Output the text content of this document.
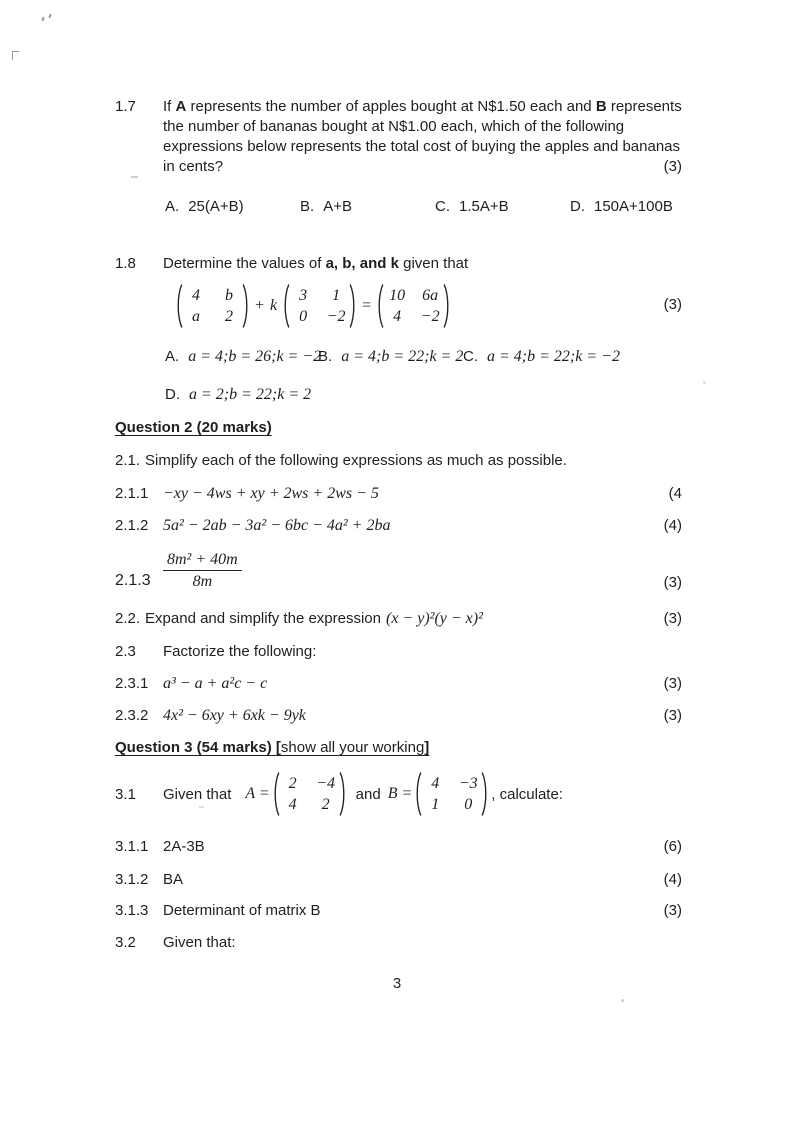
1.7	If A represents the number of apples bought at N$1.50 each and B represents the number of bananas bought at N$1.00 each, which of the following expressions below represents the total cost of buying the apples and bananas in cents?	(3)
A. 25(A+B)	B. A+B	C. 1.5A+B	D. 150A+100B
1.8	Determine the values of a, b, and k given that
4	b
a	2
+ k
3	1
0	−2
=
10 6a
4	−2
(3)
A. a = 4;b = 26;k = −2
B. a = 4;b = 22;k = 2 C. a = 4;b = 22;k = −2
D. a = 2;b = 22;k = 2
Question 2 (20 marks)
2.1. Simplify each of the following expressions as much as possible.
2.1.1 −xy − 4ws + xy + 2ws + 2ws − 5	(4
2.1.2 5a² − 2ab − 3a² − 6bc − 4a² + 2ba	(4)
$2.1.3 \frac{\text{8m² + 40m}}{8m}$	(3)
2.2. Expand and simplify the expression (x − y)²(y − x)²	(3)
2.3	Factorize the following:
2.3.1 a³ − a + a²c − c	(3)
2.3.2 4x² − 6xy + 6xk − 9yk	(3)
Question 3 (54 marks) [show all your working]
3.1	Given that A =
2	−4
4	2
and B =
4	−3
1	0
, calculate:
3.1.1 2A-3B	(6)
3.1.2 BA	(4)
3.1.3 Determinant of matrix B	(3)
3.2	Given that:
3
